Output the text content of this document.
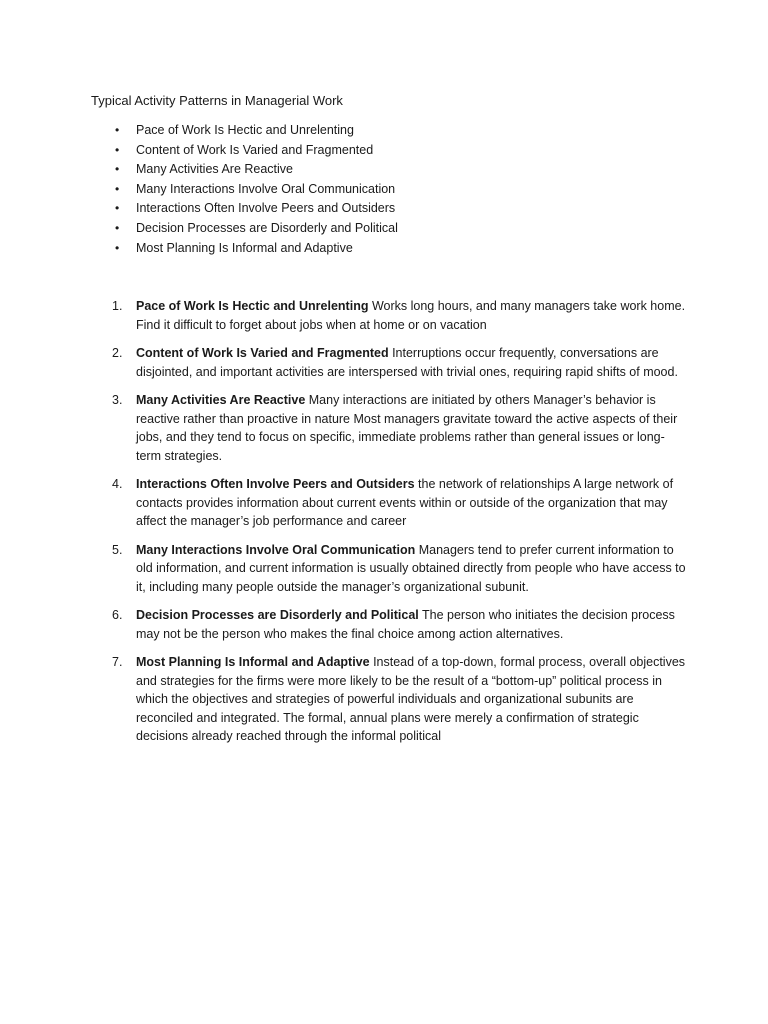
Typical Activity Patterns in Managerial Work
• Pace of Work Is Hectic and Unrelenting
• Content of Work Is Varied and Fragmented
• Many Activities Are Reactive
• Many Interactions Involve Oral Communication
• Interactions Often Involve Peers and Outsiders
• Decision Processes are Disorderly and Political
• Most Planning Is Informal and Adaptive
1. Pace of Work Is Hectic and Unrelenting Works long hours, and many managers take work home. Find it difficult to forget about jobs when at home or on vacation
2. Content of Work Is Varied and Fragmented Interruptions occur frequently, conversations are disjointed, and important activities are interspersed with trivial ones, requiring rapid shifts of mood.
3. Many Activities Are Reactive Many interactions are initiated by others Manager’s behavior is reactive rather than proactive in nature Most managers gravitate toward the active aspects of their jobs, and they tend to focus on specific, immediate problems rather than general issues or long- term strategies.
4. Interactions Often Involve Peers and Outsiders the network of relationships A large network of contacts provides information about current events within or outside of the organization that may affect the manager’s job performance and career
5. Many Interactions Involve Oral Communication Managers tend to prefer current information to old information, and current information is usually obtained directly from people who have access to it, including many people outside the manager’s organizational subunit.
6. Decision Processes are Disorderly and Political The person who initiates the decision process may not be the person who makes the final choice among action alternatives.
7. Most Planning Is Informal and Adaptive Instead of a top-down, formal process, overall objectives and strategies for the firms were more likely to be the result of a “bottom-up” political process in which the objectives and strategies of powerful individuals and organizational subunits are reconciled and integrated. The formal, annual plans were merely a confirmation of strategic decisions already reached through the informal political
